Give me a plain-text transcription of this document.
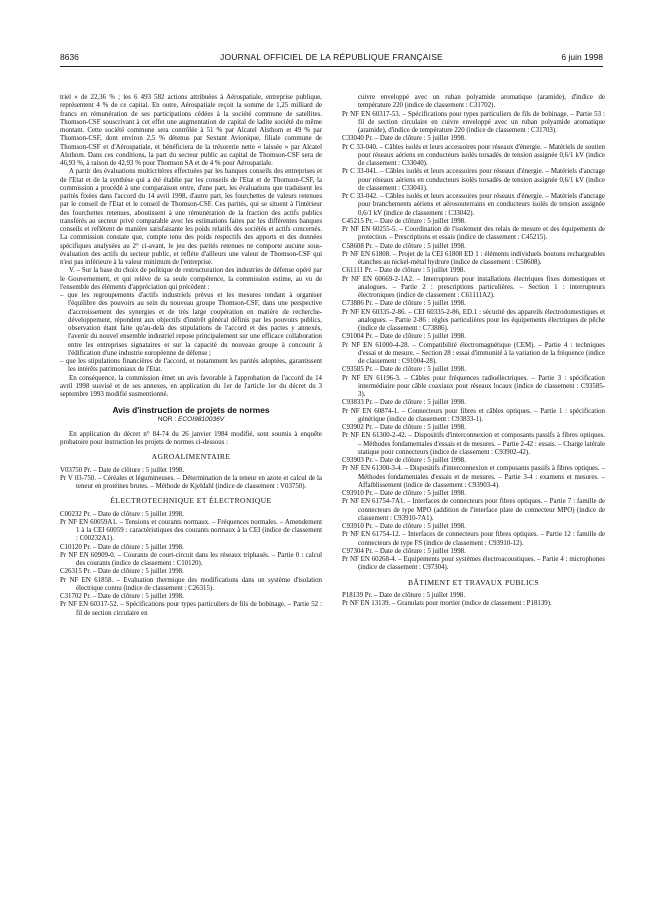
8636	JOURNAL OFFICIEL DE LA RÉPUBLIQUE FRANÇAISE	6 juin 1998

triel » de 22,36 % ; les 6 493 582 actions attribuées à Aérospatiale, entreprise publique, représentent 4 % de ce capital. En outre, Aérospatiale reçoit la somme de 1,25 milliard de francs en rémunération de ses participations cédées à la société commune de satellites. Thomson-CSF souscrivant à cet effet une augmentation de capital de ladite société du même montant. Cette société commune sera contrôlée à 51 % par Alcatel Alsthom et 49 % par Thomson-CSF, dont environ 2,5 % détenus par Sextant Avionique, filiale commune de Thomson-CSF et d'Aérospatiale, et bénéficiera de la trésorerie nette « laissée » par Alcatel Alsthom. Dans ces conditions, la part du secteur public au capital de Thomson-CSF sera de 46,93 %, à raison de 42,93 % pour Thomson SA et de 4 % pour Aérospatiale.

A partir des évaluations multicritères effectuées par les banques conseils des entreprises et de l'Etat et de la synthèse qui a été établie par les conseils de l'Etat et de Thomson-CSF, la commission a procédé à une comparaison entre, d'une part, les évaluations que traduisent les parités fixées dans l'accord du 14 avril 1998, d'autre part, les fourchettes de valeurs retenues par le conseil de l'Etat et le conseil de Thomson-CSF. Ces parités, qui se situent à l'intérieur des fourchettes retenues, aboutissent à une rémunération de la fraction des actifs publics transférés au secteur privé comparable avec les estimations faites par les différentes banques conseils et reflètent de manière satisfaisante les poids relatifs des sociétés et actifs concernés. La commission constate que, compte tenu des poids respectifs des apports et des données spécifiques analysées au 2° ci-avant, le jeu des parités retenues ne comporte aucune sous-évaluation des actifs du secteur public, et reflète d'ailleurs une valeur de Thomson-CSF qui n'est pas inférieure à la valeur minimum de l'entreprise.

V. – Sur la base du choix de politique de restructuration des industries de défense opéré par le Gouvernement, et qui relève de sa seule compétence, la commission estime, au vu de l'ensemble des éléments d'appréciation qui précèdent :

– que les regroupements d'actifs industriels prévus et les mesures tendant à organiser l'équilibre des pouvoirs au sein du nouveau groupe Thomson-CSF, dans une perspective d'accroissement des synergies et de très large coopération en matière de recherche-développement, répondent aux objectifs d'intérêt général définis par les pouvoirs publics, observation étant faite qu'au-delà des stipulations de l'accord et des pactes y annexés, l'avenir du nouvel ensemble industriel repose principalement sur une efficace collaboration entre les entreprises signataires et sur la capacité du nouveau groupe à concourir à l'édification d'une industrie européenne de défense ;

– que les stipulations financières de l'accord, et notamment les parités adoptées, garantissent les intérêts patrimoniaux de l'Etat.

En conséquence, la commission émet un avis favorable à l'approbation de l'accord du 14 avril 1998 susvisé et de ses annexes, en application du 1er de l'article 1er du décret du 3 septembre 1993 modifié susmentionné.

Avis d'instruction de projets de normes
NOR : ECOI9810036V

En application du décret n° 84-74 du 26 janvier 1984 modifié, sont soumis à enquête probatoire pour instruction les projets de normes ci-dessous :

AGROALIMENTAIRE

V03750 Pr. – Date de clôture : 5 juillet 1998.

Pr V 03-750. – Céréales et légumineuses. – Détermination de la teneur en azote et calcul de la teneur en protéines brutes. – Méthode de Kjeldahl (indice de classement : V03750).

ÉLECTROTECHNIQUE ET ÉLECTRONIQUE

C00232 Pr. – Date de clôture : 5 juillet 1998.

Pr NF EN 60059A1. – Tensions et courants normaux. – Fréquences normales. – Amendement 1 à la CEI 60059 : caractéristiques des courants normaux à la CEI (indice de classement : C00232A1).

C10120 Pr. – Date de clôture : 5 juillet 1998.

Pr NF EN 60909-0. – Courants de court-circuit dans les réseaux triphasés. – Partie 0 : calcul des courants (indice de classement : C10120).

C26315 Pr. – Date de clôture : 5 juillet 1998.

Pr NF EN 61858. – Evaluation thermique des modifications dans un système d'isolation électrique connu (indice de classement : C26315).

C31702 Pr. – Date de clôture : 5 juillet 1998.

Pr NF EN 60317-52. – Spécifications pour types particuliers de fils de bobinage. – Partie 52 : fil de section circulaire en

cuivre enveloppé avec un ruban polyamide aromatique (aramide), d'indice de température 220 (indice de classement : C31702).

Pr NF EN 60317-53. – Spécifications pour types particuliers de fils de bobinage. – Partie 53 : fil de section circulaire en cuivre enveloppé avec un ruban polyamide aromatique (aramide), d'indice de température 220 (indice de classement : C31703).

C33040 Pr. – Date de clôture : 5 juillet 1998.

Pr C 33-040. – Câbles isolés et leurs accessoires pour réseaux d'énergie. – Matériels de soutien pour réseaux aériens en conducteurs isolés torsadés de tension assignée 0,6/1 kV (indice de classement : C33040).

Pr C 33-041. – Câbles isolés et leurs accessoires pour réseaux d'énergie. – Matériels d'ancrage pour réseaux aériens en conducteurs isolés torsadés de tension assignée 0,6/1 kV (indice de classement : C33041).

Pr C 33-042. – Câbles isolés et leurs accessoires pour réseaux d'énergie. – Matériels d'ancrage pour branchements aériens et aérosouterrains en conducteurs isolés de tension assignée 0,6/1 kV (indice de classement : C33042).

C45215 Pr. – Date de clôture : 5 juillet 1998.

Pr NF EN 60255-5. – Coordination de l'isolement des relais de mesure et des équipements de protection. – Prescriptions et essais (indice de classement : C45215).

C58608 Pr. – Date de clôture : 5 juillet 1998.

Pr NF EN 61808. – Projet de la CEI 61808 ED 1 : éléments individuels boutons rechargeables étanches au nickel-métal hydrure (indice de classement : C58608).

C61111 Pr. – Date de clôture : 5 juillet 1998.

Pr NF EN 60669-2-1A2. – Interrupteurs pour installations électriques fixes domestiques et analogues. – Partie 2 : prescriptions particulières. – Section 1 : interrupteurs électroniques (indice de classement : C61111A2).

C73886 Pr. – Date de clôture : 5 juillet 1998.

Pr NF EN 60335-2-86. – CEI 60335-2-86, ED.1 : sécurité des appareils électrodomestiques et analogues. – Partie 2-86 : règles particulières pour les équipements électriques de pêche (indice de classement : C73886).

C91004 Pr. – Date de clôture : 5 juillet 1998.

Pr NF EN 61000-4-28. – Compatibilité électromagnétique (CEM). – Partie 4 : techniques d'essai et de mesure. – Section 28 : essai d'immunité à la variation de la fréquence (indice de classement : C91004-28).

C93585 Pr. – Date de clôture : 5 juillet 1998.

Pr NF EN 61196-3. – Câbles pour fréquences radioélectriques. – Partie 3 : spécification intermédiaire pour câble coaxiaux pour réseaux locaux (indice de classement : C93585-3).

C93833 Pr. – Date de clôture : 5 juillet 1998.

Pr NF EN 60874-1. – Connecteurs pour fibres et câbles optiques. – Partie 1 : spécification générique (indice de classement : C93833-1).

C93902 Pr. – Date de clôture : 5 juillet 1998.

Pr NF EN 61300-2-42. – Dispositifs d'interconnexion et composants passifs à fibres optiques. – Méthodes fondamentales d'essais et de mesures. – Partie 2-42 : essais. – Charge latérale statique pour connecteurs (indice de classement : C93902-42).

C93903 Pr. – Date de clôture : 5 juillet 1998.

Pr NF EN 61300-3-4. – Dispositifs d'interconnexion et composants passifs à fibres optiques. – Méthodes fondamentales d'essais et de mesures. – Partie 3-4 : examens et mesures. – Affaiblissement (indice de classement : C93903-4).

C93910 Pr. – Date de clôture : 5 juillet 1998.

Pr NF EN 61754-7A1. – Interfaces de connecteurs pour fibres optiques. – Partie 7 : famille de connecteurs de type MPO (addition de l'interface plate de connecteur MPO) (indice de classement : C93910-7A1).

C93910 Pr. – Date de clôture : 5 juillet 1998.

Pr NF EN 61754-12. – Interfaces de connecteurs pour fibres optiques. – Partie 12 : famille de connecteurs de type FS (indice de classement : C93910-12).

C97304 Pr. – Date de clôture : 5 juillet 1998.

Pr NF EN 60268-4. – Equipements pour systèmes électroacoustiques. – Partie 4 : microphones (indice de classement : C97304).

BÂTIMENT ET TRAVAUX PUBLICS

P18139 Pr. – Date de clôture : 5 juillet 1998.

Pr NF EN 13139. – Granulats pour mortier (indice de classement : P18139).
